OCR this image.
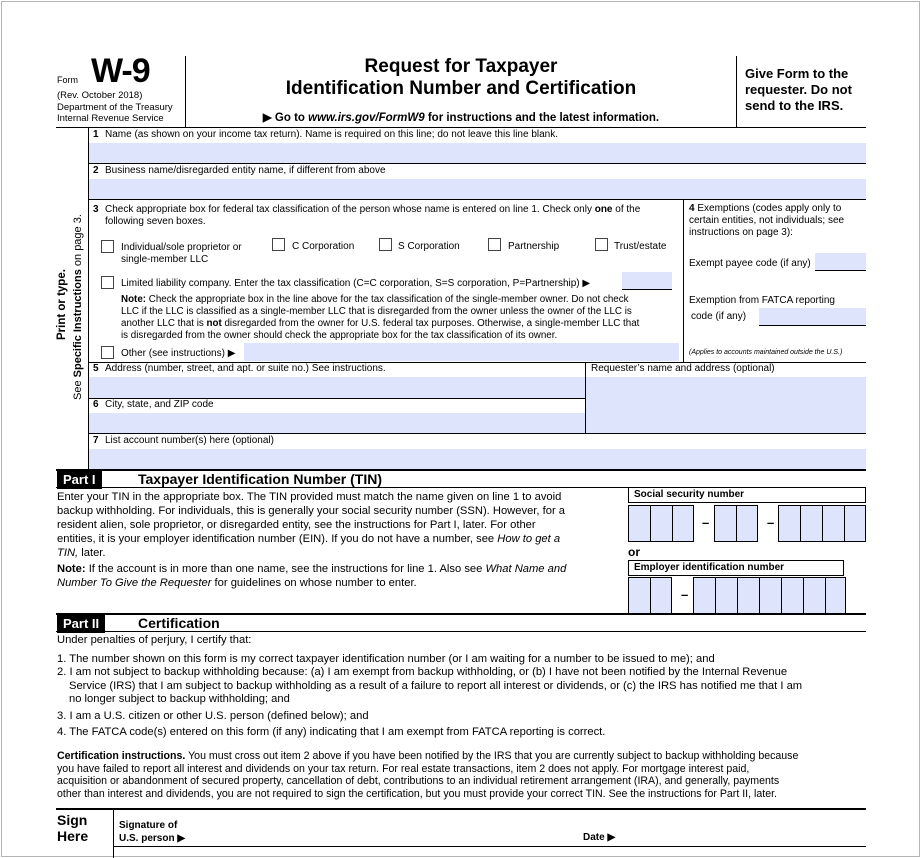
Form W-9
(Rev. October 2018)
Department of the Treasury
Internal Revenue Service
Request for Taxpayer
Identification Number and Certification
▶ Go to www.irs.gov/FormW9 for instructions and the latest information.
Give Form to the requester. Do not send to the IRS.
Print or type.
See Specific Instructions on page 3.
1 Name (as shown on your income tax return). Name is required on this line; do not leave this line blank.
2 Business name/disregarded entity name, if different from above
3 Check appropriate box for federal tax classification of the person whose name is entered on line 1. Check only one of the
following seven boxes.
Individual/sole proprietor or
single-member LLC
C Corporation	S Corporation	Partnership	Trust/estate
Limited liability company. Enter the tax classification (C=C corporation, S=S corporation, P=Partnership) ▶
Note: Check the appropriate box in the line above for the tax classification of the single-member owner. Do not check
LLC if the LLC is classified as a single-member LLC that is disregarded from the owner unless the owner of the LLC is
another LLC that is not disregarded from the owner for U.S. federal tax purposes. Otherwise, a single-member LLC that
is disregarded from the owner should check the appropriate box for the tax classification of its owner.
Other (see instructions) ▶
4 Exemptions (codes apply only to
certain entities, not individuals; see
instructions on page 3):
Exempt payee code (if any)
Exemption from FATCA reporting
code (if any)
(Applies to accounts maintained outside the U.S.)
5 Address (number, street, and apt. or suite no.) See instructions.	Requester’s name and address (optional)
6 City, state, and ZIP code
7 List account number(s) here (optional)
Part I	Taxpayer Identification Number (TIN)
Enter your TIN in the appropriate box. The TIN provided must match the name given on line 1 to avoid
backup withholding. For individuals, this is generally your social security number (SSN). However, for a
resident alien, sole proprietor, or disregarded entity, see the instructions for Part I, later. For other
entities, it is your employer identification number (EIN). If you do not have a number, see How to get a
TIN, later.
Note: If the account is in more than one name, see the instructions for line 1. Also see What Name and
Number To Give the Requester for guidelines on whose number to enter.
Social security number
–	–
or
Employer identification number
–
Part II	Certification
Under penalties of perjury, I certify that:
1. The number shown on this form is my correct taxpayer identification number (or I am waiting for a number to be issued to me); and
2. I am not subject to backup withholding because: (a) I am exempt from backup withholding, or (b) I have not been notified by the Internal Revenue
Service (IRS) that I am subject to backup withholding as a result of a failure to report all interest or dividends, or (c) the IRS has notified me that I am
no longer subject to backup withholding; and
3. I am a U.S. citizen or other U.S. person (defined below); and
4. The FATCA code(s) entered on this form (if any) indicating that I am exempt from FATCA reporting is correct.
Certification instructions. You must cross out item 2 above if you have been notified by the IRS that you are currently subject to backup withholding because
you have failed to report all interest and dividends on your tax return. For real estate transactions, item 2 does not apply. For mortgage interest paid,
acquisition or abandonment of secured property, cancellation of debt, contributions to an individual retirement arrangement (IRA), and generally, payments
other than interest and dividends, you are not required to sign the certification, but you must provide your correct TIN. See the instructions for Part II, later.
Sign
Here
Signature of
U.S. person ▶	Date ▶
